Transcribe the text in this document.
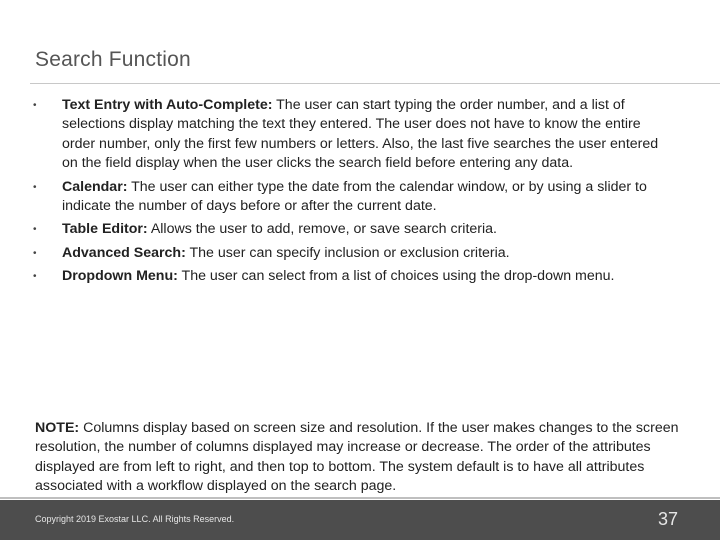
Search Function
• Text Entry with Auto-Complete: The user can start typing the order number, and a list of selections display matching the text they entered. The user does not have to know the entire order number, only the first few numbers or letters. Also, the last five searches the user entered on the field display when the user clicks the search field before entering any data.
• Calendar: The user can either type the date from the calendar window, or by using a slider to indicate the number of days before or after the current date.
• Table Editor: Allows the user to add, remove, or save search criteria.
• Advanced Search: The user can specify inclusion or exclusion criteria.
• Dropdown Menu: The user can select from a list of choices using the drop-down menu.

NOTE: Columns display based on screen size and resolution. If the user makes changes to the screen resolution, the number of columns displayed may increase or decrease. The order of the attributes displayed are from left to right, and then top to bottom. The system default is to have all attributes associated with a workflow displayed on the search page.

Copyright 2019 Exostar LLC. All Rights Reserved.	37
